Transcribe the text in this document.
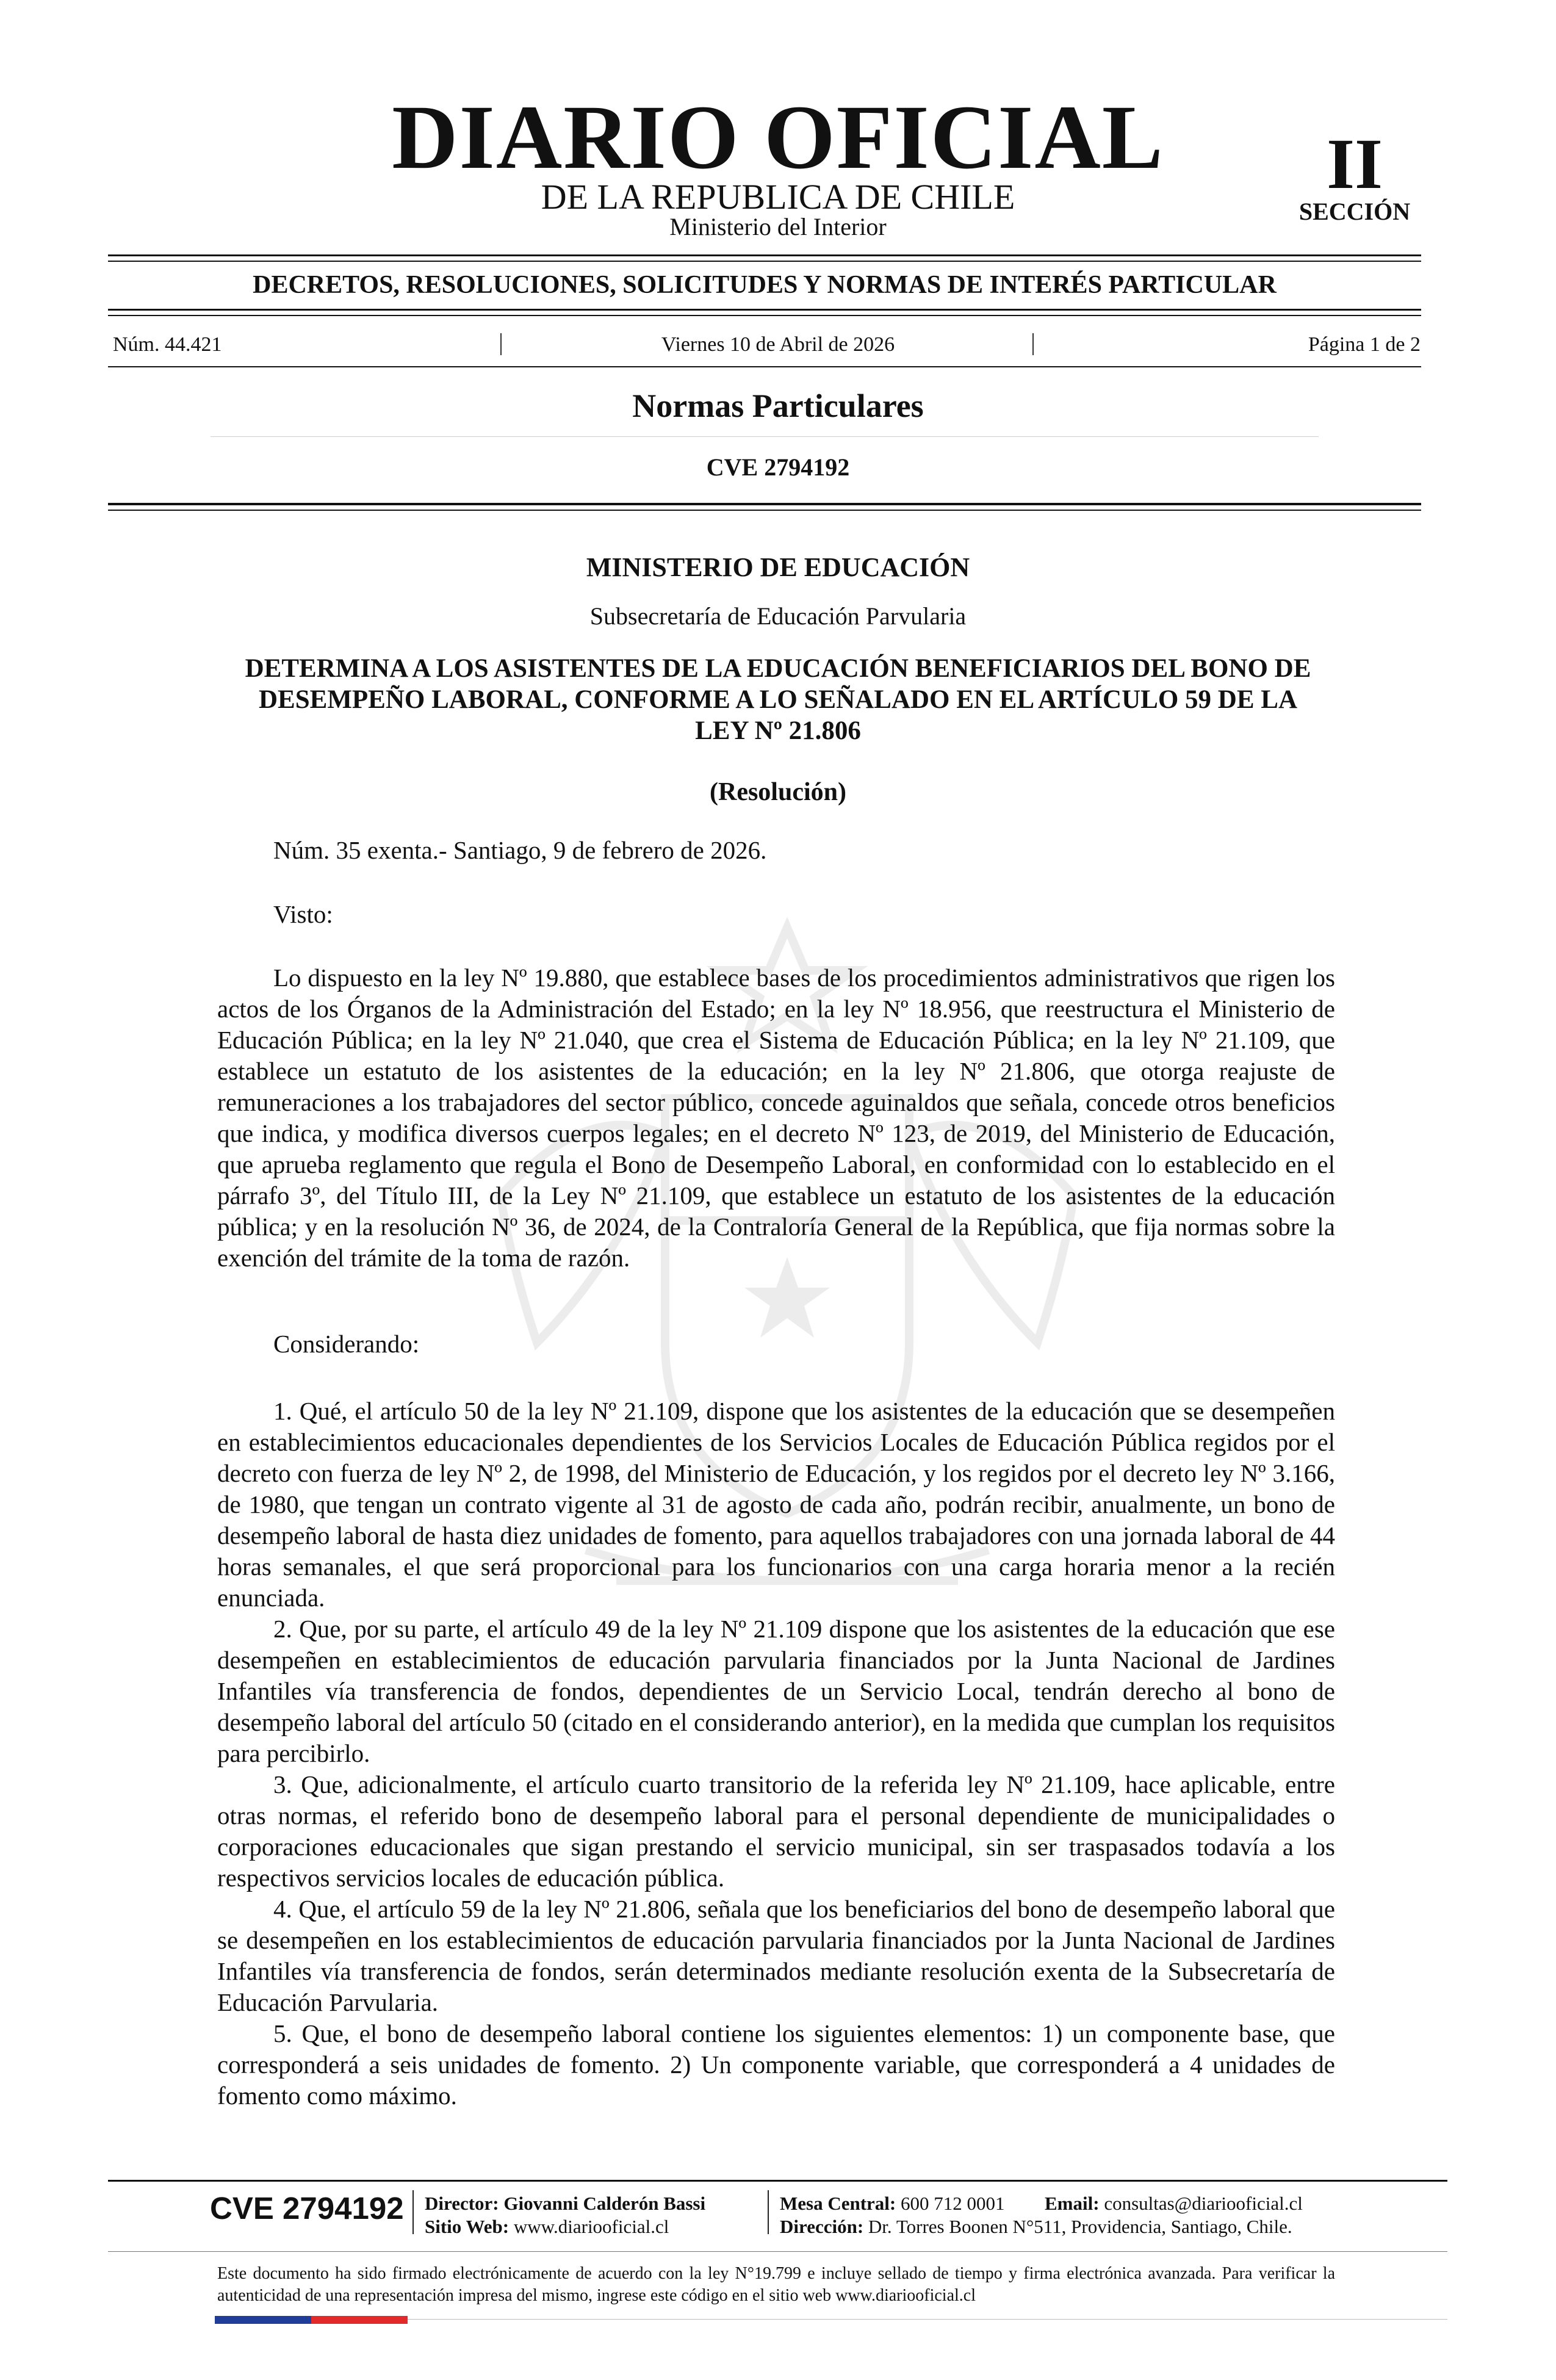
DIARIO OFICIAL
DE LA REPUBLICA DE CHILE
Ministerio del Interior
II
SECCIÓN
DECRETOS, RESOLUCIONES, SOLICITUDES Y NORMAS DE INTERÉS PARTICULAR
Núm. 44.421	Viernes 10 de Abril de 2026	Página 1 de 2
Normas Particulares
CVE 2794192
MINISTERIO DE EDUCACIÓN
Subsecretaría de Educación Parvularia
DETERMINA A LOS ASISTENTES DE LA EDUCACIÓN BENEFICIARIOS DEL BONO DE DESEMPEÑO LABORAL, CONFORME A LO SEÑALADO EN EL ARTÍCULO 59 DE LA LEY Nº 21.806
(Resolución)
Núm. 35 exenta.- Santiago, 9 de febrero de 2026.
Visto:
Lo dispuesto en la ley Nº 19.880, que establece bases de los procedimientos administrativos que rigen los actos de los Órganos de la Administración del Estado; en la ley Nº 18.956, que reestructura el Ministerio de Educación Pública; en la ley Nº 21.040, que crea el Sistema de Educación Pública; en la ley Nº 21.109, que establece un estatuto de los asistentes de la educación; en la ley Nº 21.806, que otorga reajuste de remuneraciones a los trabajadores del sector público, concede aguinaldos que señala, concede otros beneficios que indica, y modifica diversos cuerpos legales; en el decreto Nº 123, de 2019, del Ministerio de Educación, que aprueba reglamento que regula el Bono de Desempeño Laboral, en conformidad con lo establecido en el párrafo 3º, del Título III, de la Ley Nº 21.109, que establece un estatuto de los asistentes de la educación pública; y en la resolución Nº 36, de 2024, de la Contraloría General de la República, que fija normas sobre la exención del trámite de la toma de razón.
Considerando:

1. Qué, el artículo 50 de la ley Nº 21.109, dispone que los asistentes de la educación que se desempeñen en establecimientos educacionales dependientes de los Servicios Locales de Educación Pública regidos por el decreto con fuerza de ley Nº 2, de 1998, del Ministerio de Educación, y los regidos por el decreto ley Nº 3.166, de 1980, que tengan un contrato vigente al 31 de agosto de cada año, podrán recibir, anualmente, un bono de desempeño laboral de hasta diez unidades de fomento, para aquellos trabajadores con una jornada laboral de 44 horas semanales, el que será proporcional para los funcionarios con una carga horaria menor a la recién enunciada.

2. Que, por su parte, el artículo 49 de la ley Nº 21.109 dispone que los asistentes de la educación que ese desempeñen en establecimientos de educación parvularia financiados por la Junta Nacional de Jardines Infantiles vía transferencia de fondos, dependientes de un Servicio Local, tendrán derecho al bono de desempeño laboral del artículo 50 (citado en el considerando anterior), en la medida que cumplan los requisitos para percibirlo.

3. Que, adicionalmente, el artículo cuarto transitorio de la referida ley Nº 21.109, hace aplicable, entre otras normas, el referido bono de desempeño laboral para el personal dependiente de municipalidades o corporaciones educacionales que sigan prestando el servicio municipal, sin ser traspasados todavía a los respectivos servicios locales de educación pública.

4. Que, el artículo 59 de la ley Nº 21.806, señala que los beneficiarios del bono de desempeño laboral que se desempeñen en los establecimientos de educación parvularia financiados por la Junta Nacional de Jardines Infantiles vía transferencia de fondos, serán determinados mediante resolución exenta de la Subsecretaría de Educación Parvularia.

5. Que, el bono de desempeño laboral contiene los siguientes elementos: 1) un componente base, que corresponderá a seis unidades de fomento. 2) Un componente variable, que corresponderá a 4 unidades de fomento como máximo.

CVE 2794192 Director: Giovanni Calderón Bassi
Sitio Web: www.diariooficial.cl
Mesa Central: 600 712 0001 Email: consultas@diariooficial.cl
Dirección: Dr. Torres Boonen N°511, Providencia, Santiago, Chile.
Este documento ha sido firmado electrónicamente de acuerdo con la ley N°19.799 e incluye sellado de tiempo y firma electrónica avanzada. Para verificar la autenticidad de una representación impresa del mismo, ingrese este código en el sitio web www.diariooficial.cl
